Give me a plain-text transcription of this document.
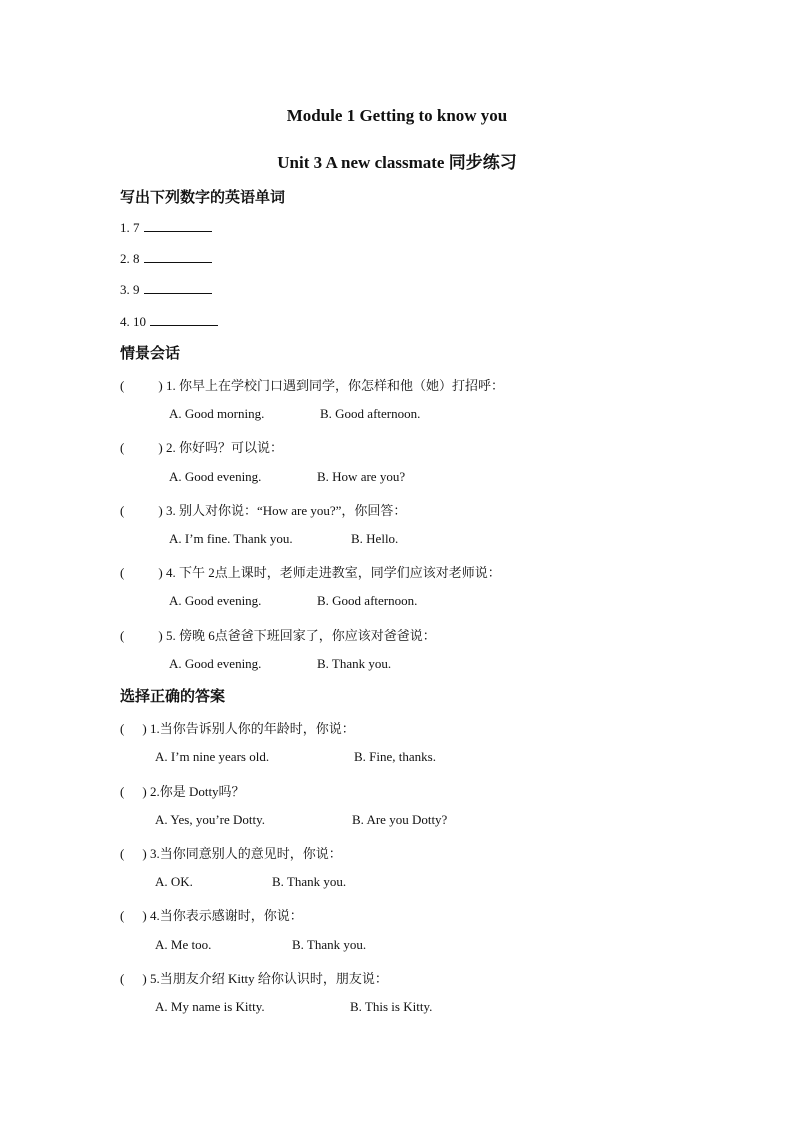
Module 1 Getting to know you
Unit 3 A new classmate 同步练习
写出下列数字的英语单词
1. 7
2. 8
3. 9
4. 10
情景会话
(	) 1. 你早上在学校门口遇到同学，你怎样和他（她）打招呼：
A. Good morning.	B. Good afternoon.
(	) 2. 你好吗？可以说：
A. Good evening.	B. How are you?
(	) 3. 别人对你说：“How are you?”，你回答：
A. I’m fine. Thank you.	B. Hello.
(	) 4. 下午 2点上课时，老师走进教室，同学们应该对老师说：
A. Good evening.	B. Good afternoon.
(	) 5. 傍晚 6点爸爸下班回家了，你应该对爸爸说：
A. Good evening.	B. Thank you.
选择正确的答案
( ) 1.当你告诉别人你的年龄时，你说：
A. I’m nine years old.	B. Fine, thanks.
( ) 2.你是 Dotty吗？
A. Yes, you’re Dotty.	B. Are you Dotty?
( ) 3.当你同意别人的意见时，你说：
A. OK.	B. Thank you.
( ) 4.当你表示感谢时，你说：
A. Me too.	B. Thank you.
( ) 5.当朋友介绍 Kitty 给你认识时，朋友说：
A. My name is Kitty.	B. This is Kitty.
